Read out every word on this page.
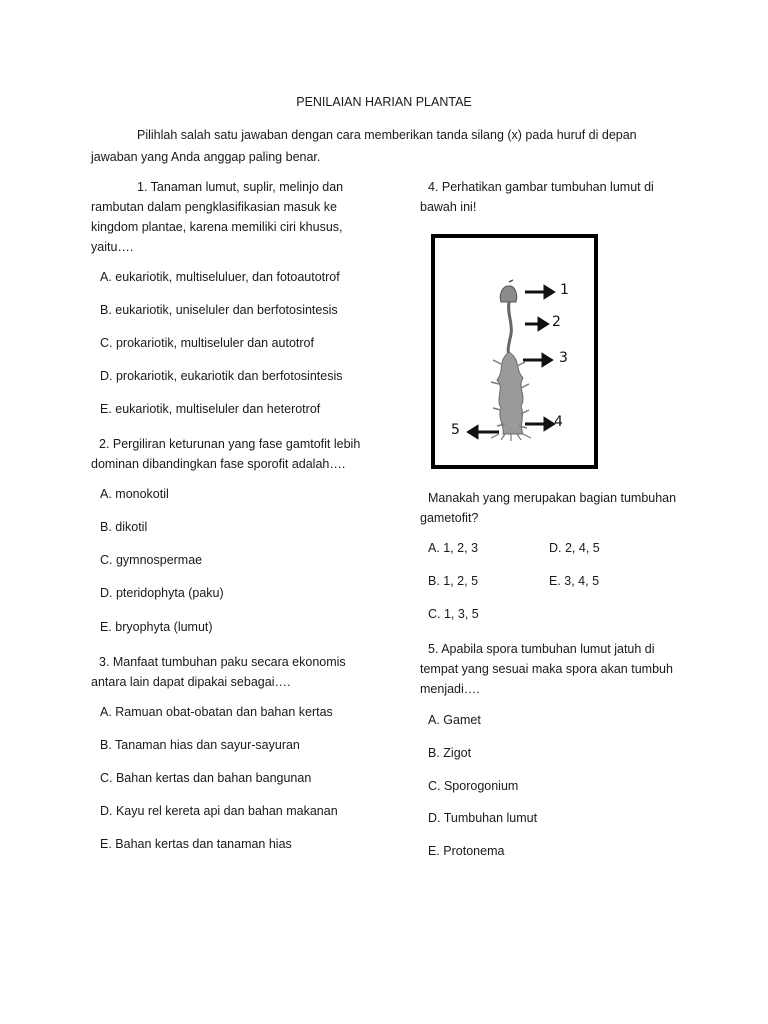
PENILAIAN HARIAN PLANTAE
Pilihlah salah satu jawaban dengan cara memberikan tanda silang (x) pada huruf di depan jawaban yang Anda anggap paling benar.
1. Tanaman lumut, suplir, melinjo dan rambutan dalam pengklasifikasian masuk ke kingdom plantae, karena memiliki ciri khusus, yaitu….
A. eukariotik, multiseluluer, dan fotoautotrof
B. eukariotik, uniseluler dan berfotosintesis
C. prokariotik, multiseluler dan autotrof
D. prokariotik, eukariotik dan berfotosintesis
E. eukariotik, multiseluler dan heterotrof
2. Pergiliran keturunan yang fase gamtofit lebih dominan dibandingkan fase sporofit adalah….
A. monokotil
B. dikotil
C. gymnospermae
D. pteridophyta (paku)
E. bryophyta (lumut)
3. Manfaat tumbuhan paku secara ekonomis antara lain dapat dipakai sebagai….
A. Ramuan obat-obatan dan bahan kertas
B. Tanaman hias dan sayur-sayuran
C. Bahan kertas dan bahan bangunan
D. Kayu rel kereta api dan bahan makanan
E. Bahan kertas dan tanaman hias
4. Perhatikan gambar tumbuhan lumut di bawah ini!
1
2
3
4
5
Manakah yang merupakan bagian tumbuhan gametofit?
A. 1, 2, 3	D. 2, 4, 5
B. 1, 2, 5	E. 3, 4, 5
C. 1, 3, 5
5. Apabila spora tumbuhan lumut jatuh di tempat yang sesuai maka spora akan tumbuh menjadi….
A. Gamet
B. Zigot
C. Sporogonium
D. Tumbuhan lumut
E. Protonema
